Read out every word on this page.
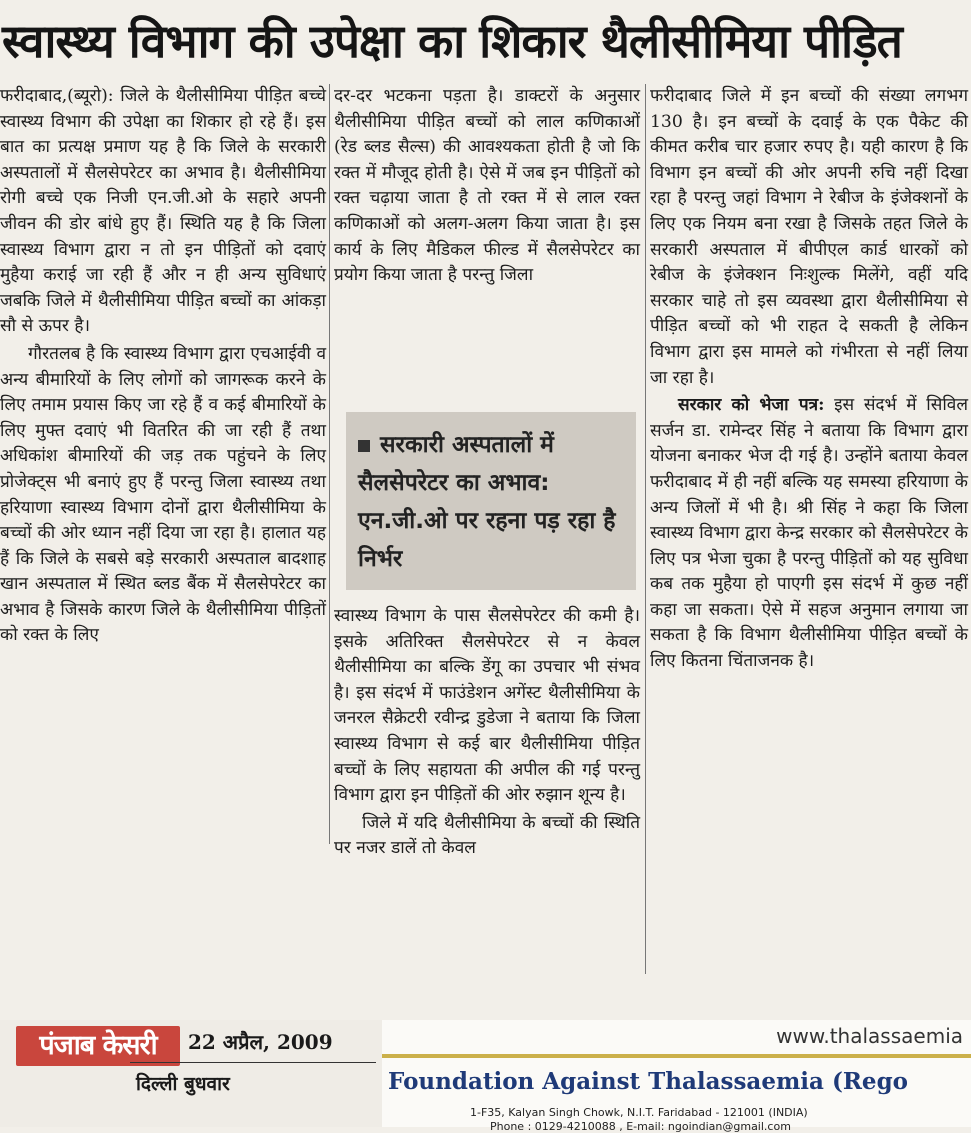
स्वास्थ्य विभाग की उपेक्षा का शिकार थैलीसीमिया पीड़ित

फरीदाबाद,(ब्यूरो): जिले के थैलीसीमिया पीड़ित बच्चे स्वास्थ्य विभाग की उपेक्षा का शिकार हो रहे हैं। इस बात का प्रत्यक्ष प्रमाण यह है कि जिले के सरकारी अस्पतालों में सैलसेपरेटर का अभाव है। थैलीसीमिया रोगी बच्चे एक निजी एन.जी.ओ के सहारे अपनी जीवन की डोर बांधे हुए हैं। स्थिति यह है कि जिला स्वास्थ्य विभाग द्वारा न तो इन पीड़ितों को दवाएं मुहैया कराई जा रही हैं और न ही अन्य सुविधाएं जबकि जिले में थैलीसीमिया पीड़ित बच्चों का आंकड़ा सौ से ऊपर है।

गौरतलब है कि स्वास्थ्य विभाग द्वारा एचआईवी व अन्य बीमारियों के लिए लोगों को जागरूक करने के लिए तमाम प्रयास किए जा रहे हैं व कई बीमारियों के लिए मुफ्त दवाएं भी वितरित की जा रही हैं तथा अधिकांश बीमारियों की जड़ तक पहुंचने के लिए प्रोजेक्ट्स भी बनाएं हुए हैं परन्तु जिला स्वास्थ्य तथा हरियाणा स्वास्थ्य विभाग दोनों द्वारा थैलीसीमिया के बच्चों की ओर ध्यान नहीं दिया जा रहा है। हालात यह हैं कि जिले के सबसे बड़े सरकारी अस्पताल बादशाह खान अस्पताल में स्थित ब्लड बैंक में सैलसेपरेटर का अभाव है जिसके कारण जिले के थैलीसीमिया पीड़ितों को रक्त के लिए

दर-दर भटकना पड़ता है। डाक्टरों के अनुसार थैलीसीमिया पीड़ित बच्चों को लाल कणिकाओं (रेड ब्लड सैल्स) की आवश्यकता होती है जो कि रक्त में मौजूद होती है। ऐसे में जब इन पीड़ितों को रक्त चढ़ाया जाता है तो रक्त में से लाल रक्त कणिकाओं को अलग-अलग किया जाता है। इस कार्य के लिए मैडिकल फील्ड में सैलसेपरेटर का प्रयोग किया जाता है परन्तु जिला

सरकारी अस्पतालों में सैलसेपरेटर का अभाव: एन.जी.ओ पर रहना पड़ रहा है निर्भर

स्वास्थ्य विभाग के पास सैलसेपरेटर की कमी है। इसके अतिरिक्त सैलसेपरेटर से न केवल थैलीसीमिया का बल्कि डेंगू का उपचार भी संभव है। इस संदर्भ में फाउंडेशन अगेंस्ट थैलीसीमिया के जनरल सैक्रेटरी रवीन्द्र डुडेजा ने बताया कि जिला स्वास्थ्य विभाग से कई बार थैलीसीमिया पीड़ित बच्चों के लिए सहायता की अपील की गई परन्तु विभाग द्वारा इन पीड़ितों की ओर रुझान शून्य है।

जिले में यदि थैलीसीमिया के बच्चों की स्थिति पर नजर डालें तो केवल

फरीदाबाद जिले में इन बच्चों की संख्या लगभग 130 है। इन बच्चों के दवाई के एक पैकेट की कीमत करीब चार हजार रुपए है। यही कारण है कि विभाग इन बच्चों की ओर अपनी रुचि नहीं दिखा रहा है परन्तु जहां विभाग ने रेबीज के इंजेक्शनों के लिए एक नियम बना रखा है जिसके तहत जिले के सरकारी अस्पताल में बीपीएल कार्ड धारकों को रेबीज के इंजेक्शन निःशुल्क मिलेंगे, वहीं यदि सरकार चाहे तो इस व्यवस्था द्वारा थैलीसीमिया से पीड़ित बच्चों को भी राहत दे सकती है लेकिन विभाग द्वारा इस मामले को गंभीरता से नहीं लिया जा रहा है।

सरकार को भेजा पत्र: इस संदर्भ में सिविल सर्जन डा. रामेन्दर सिंह ने बताया कि विभाग द्वारा योजना बनाकर भेज दी गई है। उन्होंने बताया केवल फरीदाबाद में ही नहीं बल्कि यह समस्या हरियाणा के अन्य जिलों में भी है। श्री सिंह ने कहा कि जिला स्वास्थ्य विभाग द्वारा केन्द्र सरकार को सैलसेपरेटर के लिए पत्र भेजा चुका है परन्तु पीड़ितों को यह सुविधा कब तक मुहैया हो पाएगी इस संदर्भ में कुछ नहीं कहा जा सकता। ऐसे में सहज अनुमान लगाया जा सकता है कि विभाग थैलीसीमिया पीड़ित बच्चों के लिए कितना चिंताजनक है।

पंजाब केसरी	22 अप्रैल, 2009
दिल्ली बुधवार
www.thalassaemia
Foundation Against Thalassaemia (Rego
1-F35, Kalyan Singh Chowk, N.I.T. Faridabad - 121001 (INDIA)
Phone : 0129-4210088 , E-mail: ngoindian@gmail.com
